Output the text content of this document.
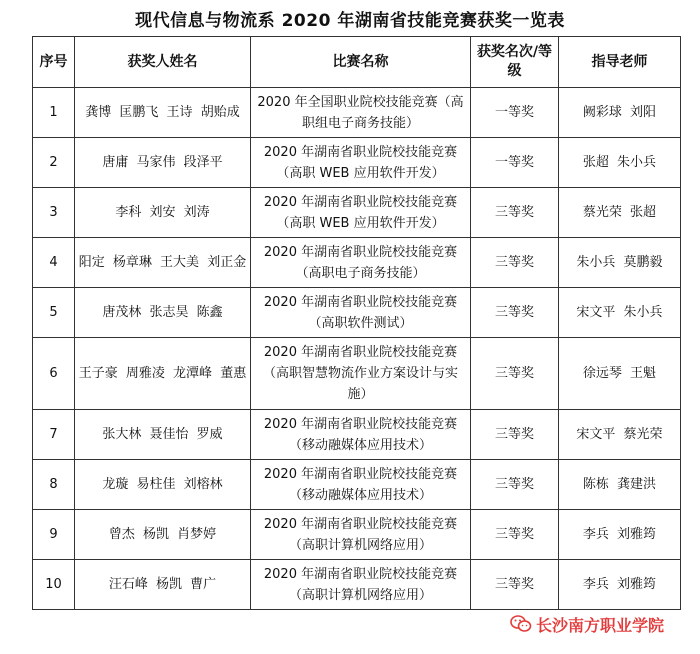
现代信息与物流系 2020 年湖南省技能竞赛获奖一览表
序号	获奖人姓名	比赛名称	获奖名次/等级	指导老师
1	龚博 匡鹏飞 王诗 胡贻成	2020 年全国职业院校技能竞赛（高职组电子商务技能）	一等奖	阙彩球 刘阳
2	唐庸 马家伟 段泽平	2020 年湖南省职业院校技能竞赛（高职 WEB 应用软件开发）	一等奖	张超 朱小兵
3	李科 刘安 刘涛	2020 年湖南省职业院校技能竞赛（高职 WEB 应用软件开发）	三等奖	蔡光荣 张超
4	阳定 杨章琳 王大美 刘正金	2020 年湖南省职业院校技能竞赛（高职电子商务技能）	三等奖	朱小兵 莫鹏毅
5	唐茂林 张志昊 陈鑫	2020 年湖南省职业院校技能竞赛（高职软件测试）	三等奖	宋文平 朱小兵
6	王子豪 周雅凌 龙潭峰 董惠	2020 年湖南省职业院校技能竞赛（高职智慧物流作业方案设计与实施）	三等奖	徐远琴 王魁
7	张大林 聂佳怡 罗威	2020 年湖南省职业院校技能竞赛（移动融媒体应用技术）	三等奖	宋文平 蔡光荣
8	龙璇 易柱佳 刘榕林	2020 年湖南省职业院校技能竞赛（移动融媒体应用技术）	三等奖	陈栋 龚建洪
9	曾杰 杨凯 肖梦婷	2020 年湖南省职业院校技能竞赛（高职计算机网络应用）	三等奖	李兵 刘雅筠
10	汪石峰 杨凯 曹广	2020 年湖南省职业院校技能竞赛（高职计算机网络应用）	三等奖	李兵 刘雅筠
长沙南方职业学院
